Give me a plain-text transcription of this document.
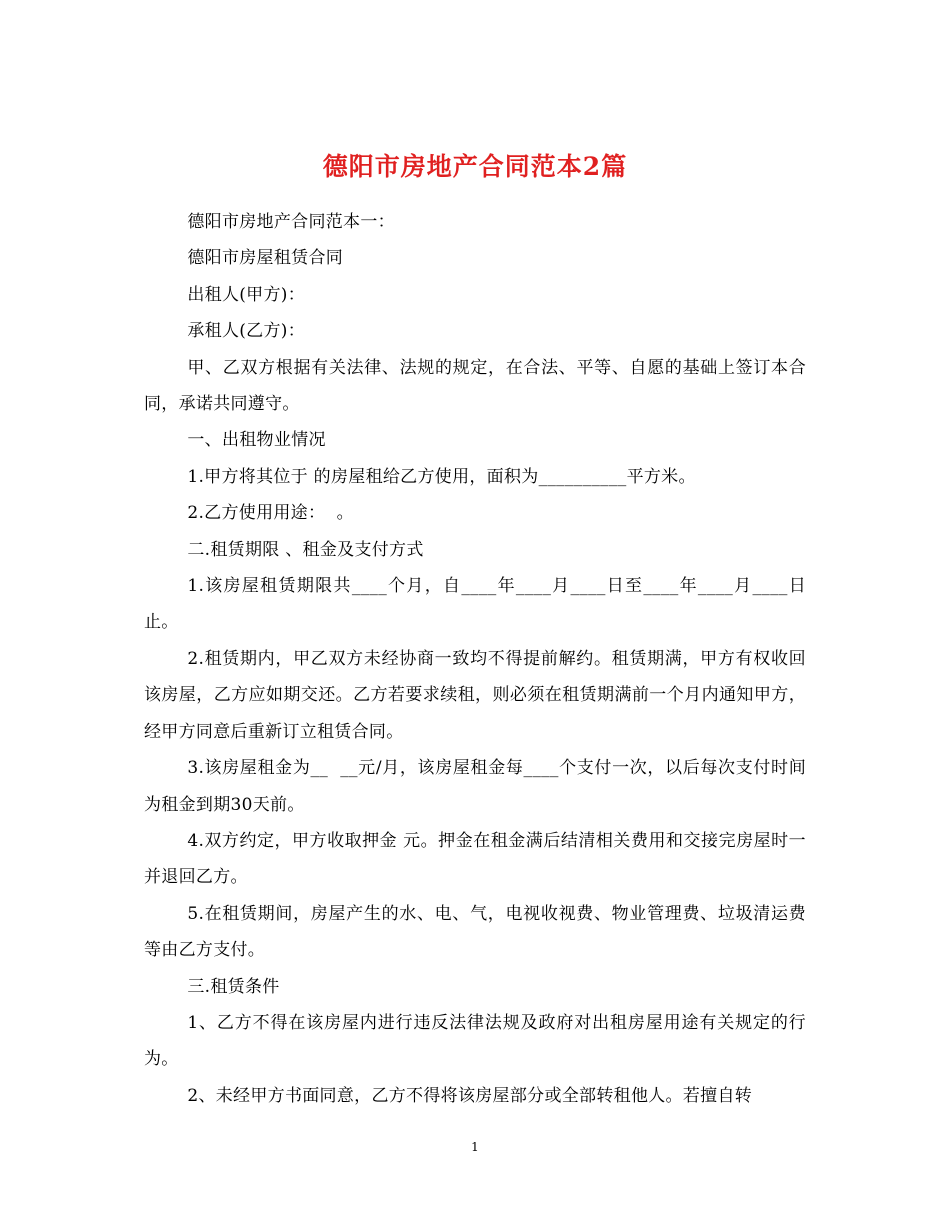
德阳市房地产合同范本2篇

德阳市房地产合同范本一：

德阳市房屋租赁合同

出租人(甲方)：

承租人(乙方)：

甲、乙双方根据有关法律、法规的规定，在合法、平等、自愿的基础上签订本合同，承诺共同遵守。

一、出租物业情况

1.甲方将其位于 的房屋租给乙方使用，面积为__________平方米。

2.乙方使用用途：  。

二.租赁期限 、租金及支付方式

1.该房屋租赁期限共____个月，自____年____月____日至____年____月____日止。

2.租赁期内，甲乙双方未经协商一致均不得提前解约。租赁期满，甲方有权收回该房屋，乙方应如期交还。乙方若要求续租，则必须在租赁期满前一个月内通知甲方，经甲方同意后重新订立租赁合同。

3.该房屋租金为__  __元/月，该房屋租金每____个支付一次，以后每次支付时间为租金到期30天前。

4.双方约定，甲方收取押金 元。押金在租金满后结清相关费用和交接完房屋时一并退回乙方。

5.在租赁期间，房屋产生的水、电、气，电视收视费、物业管理费、垃圾清运费等由乙方支付。

三.租赁条件

1、乙方不得在该房屋内进行违反法律法规及政府对出租房屋用途有关规定的行为。

2、未经甲方书面同意，乙方不得将该房屋部分或全部转租他人。若擅自转

1
